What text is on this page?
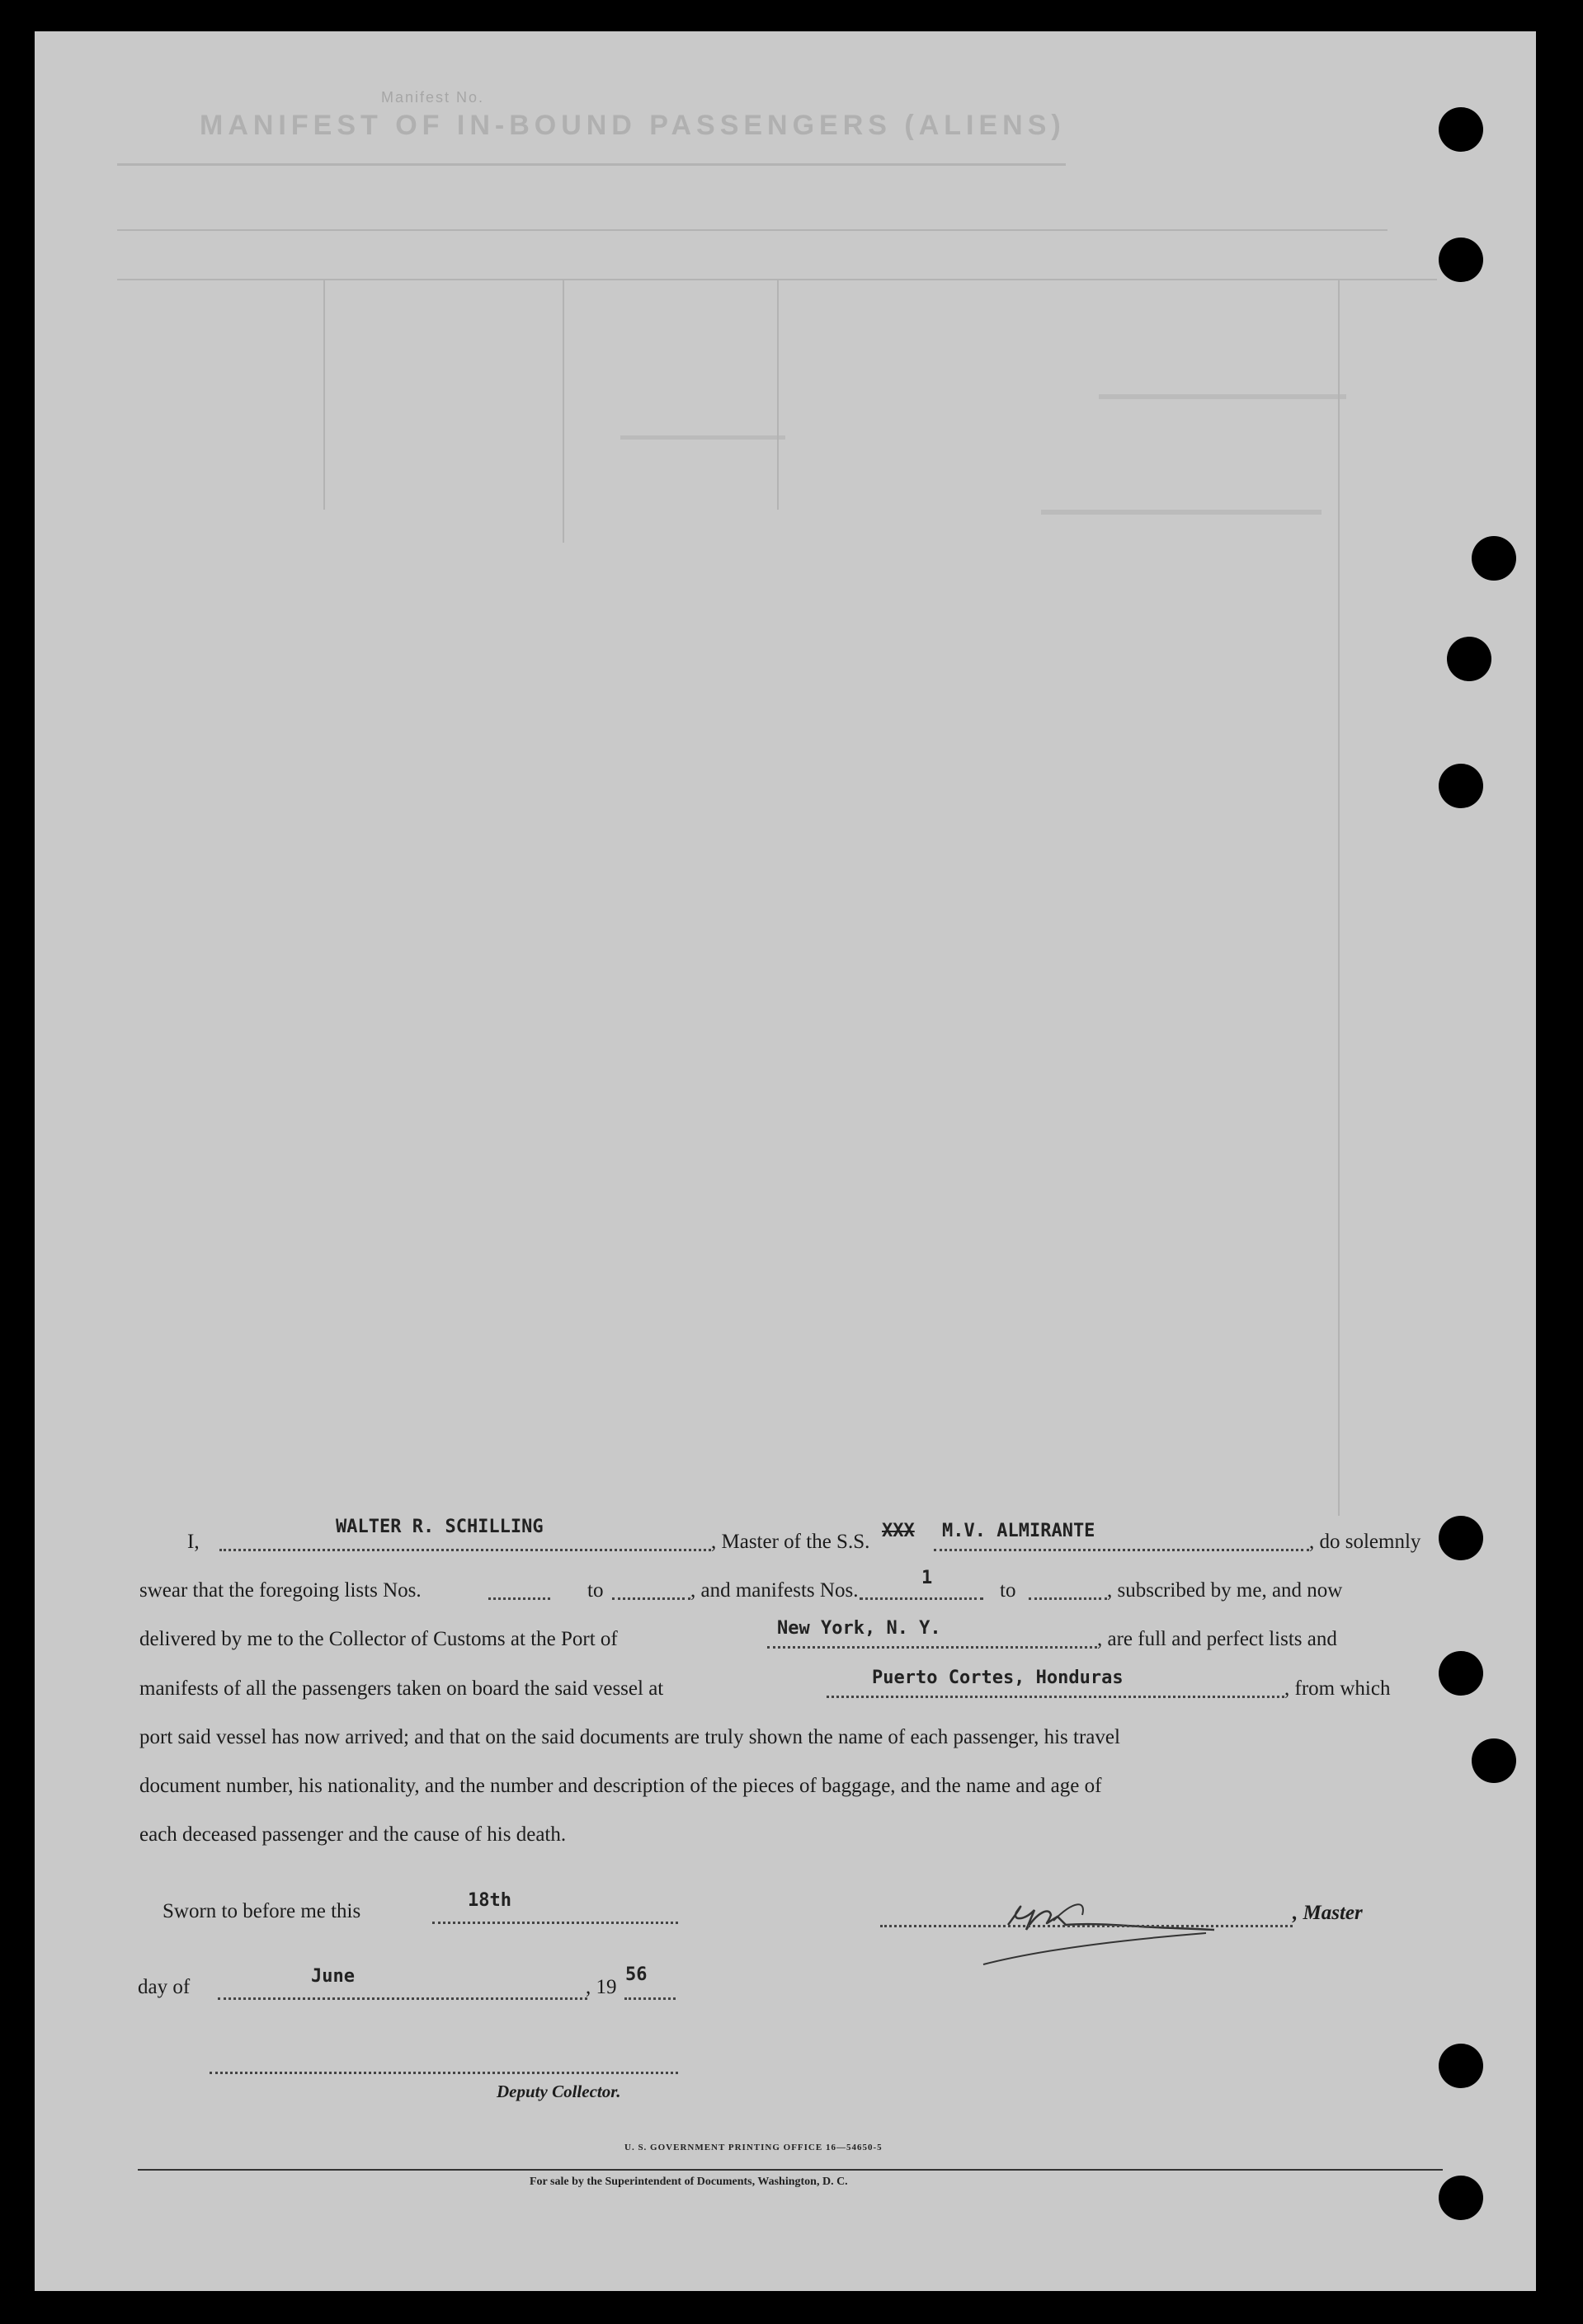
Manifest No.
MANIFEST OF IN-BOUND PASSENGERS (ALIENS)
I,
WALTER R. SCHILLING
, Master of the S.S. XXX M.V. ALMIRANTE	, do solemnly
swear that the foregoing lists Nos.	to	, and manifests Nos.
1
to	, subscribed by me, and now
delivered by me to the Collector of Customs at the Port of	New York, N. Y.	, are full and perfect lists and
manifests of all the passengers taken on board the said vessel at	Puerto Cortes, Honduras	, from which
port said vessel has now arrived; and that on the said documents are truly shown the name of each passenger, his travel
document number, his nationality, and the number and description of the pieces of baggage, and the name and age of
each deceased passenger and the cause of his death.
Sworn to before me this	18th
, Master
day of	June	, 19
56
Deputy Collector.
U. S. GOVERNMENT PRINTING OFFICE 16—54650-5
For sale by the Superintendent of Documents, Washington, D. C.
